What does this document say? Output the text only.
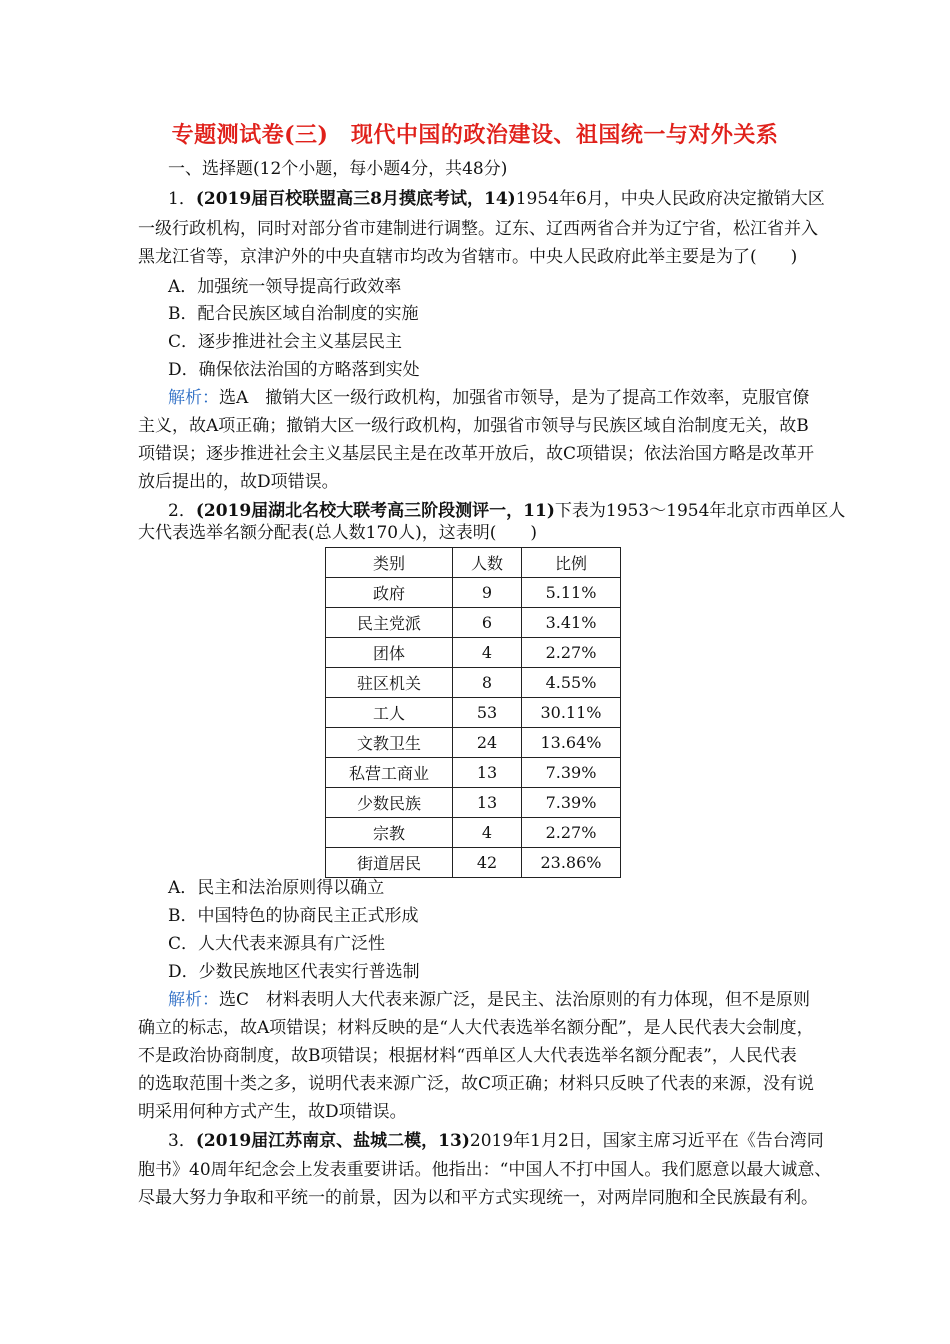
专题测试卷(三)　现代中国的政治建设、祖国统一与对外关系
一、选择题(12个小题，每小题4分，共48分)
1．(2019届百校联盟高三8月摸底考试，14)1954年6月，中央人民政府决定撤销大区
一级行政机构，同时对部分省市建制进行调整。辽东、辽西两省合并为辽宁省，松江省并入
黑龙江省等，京津沪外的中央直辖市均改为省辖市。中央人民政府此举主要是为了(　　)
A．加强统一领导提高行政效率
B．配合民族区域自治制度的实施
C．逐步推进社会主义基层民主
D．确保依法治国的方略落到实处
解析：选A　撤销大区一级行政机构，加强省市领导，是为了提高工作效率，克服官僚
主义，故A项正确；撤销大区一级行政机构，加强省市领导与民族区域自治制度无关，故B
项错误；逐步推进社会主义基层民主是在改革开放后，故C项错误；依法治国方略是改革开
放后提出的，故D项错误。
2．(2019届湖北名校大联考高三阶段测评一，11)下表为1953～1954年北京市西单区人
大代表选举名额分配表(总人数170人)，这表明(　　)
类别	人数	比例
政府	9	5.11%
民主党派	6	3.41%
团体	4	2.27%
驻区机关	8	4.55%
工人	53	30.11%
文教卫生	24	13.64%
私营工商业	13	7.39%
少数民族	13	7.39%
宗教	4	2.27%
街道居民	42	23.86%
A．民主和法治原则得以确立
B．中国特色的协商民主正式形成
C．人大代表来源具有广泛性
D．少数民族地区代表实行普选制
解析：选C　材料表明人大代表来源广泛，是民主、法治原则的有力体现，但不是原则
确立的标志，故A项错误；材料反映的是“人大代表选举名额分配”，是人民代表大会制度，
不是政治协商制度，故B项错误；根据材料“西单区人大代表选举名额分配表”，人民代表
的选取范围十类之多，说明代表来源广泛，故C项正确；材料只反映了代表的来源，没有说
明采用何种方式产生，故D项错误。
3．(2019届江苏南京、盐城二模，13)2019年1月2日，国家主席习近平在《告台湾同
胞书》40周年纪念会上发表重要讲话。他指出：“中国人不打中国人。我们愿意以最大诚意、
尽最大努力争取和平统一的前景，因为以和平方式实现统一，对两岸同胞和全民族最有利。
